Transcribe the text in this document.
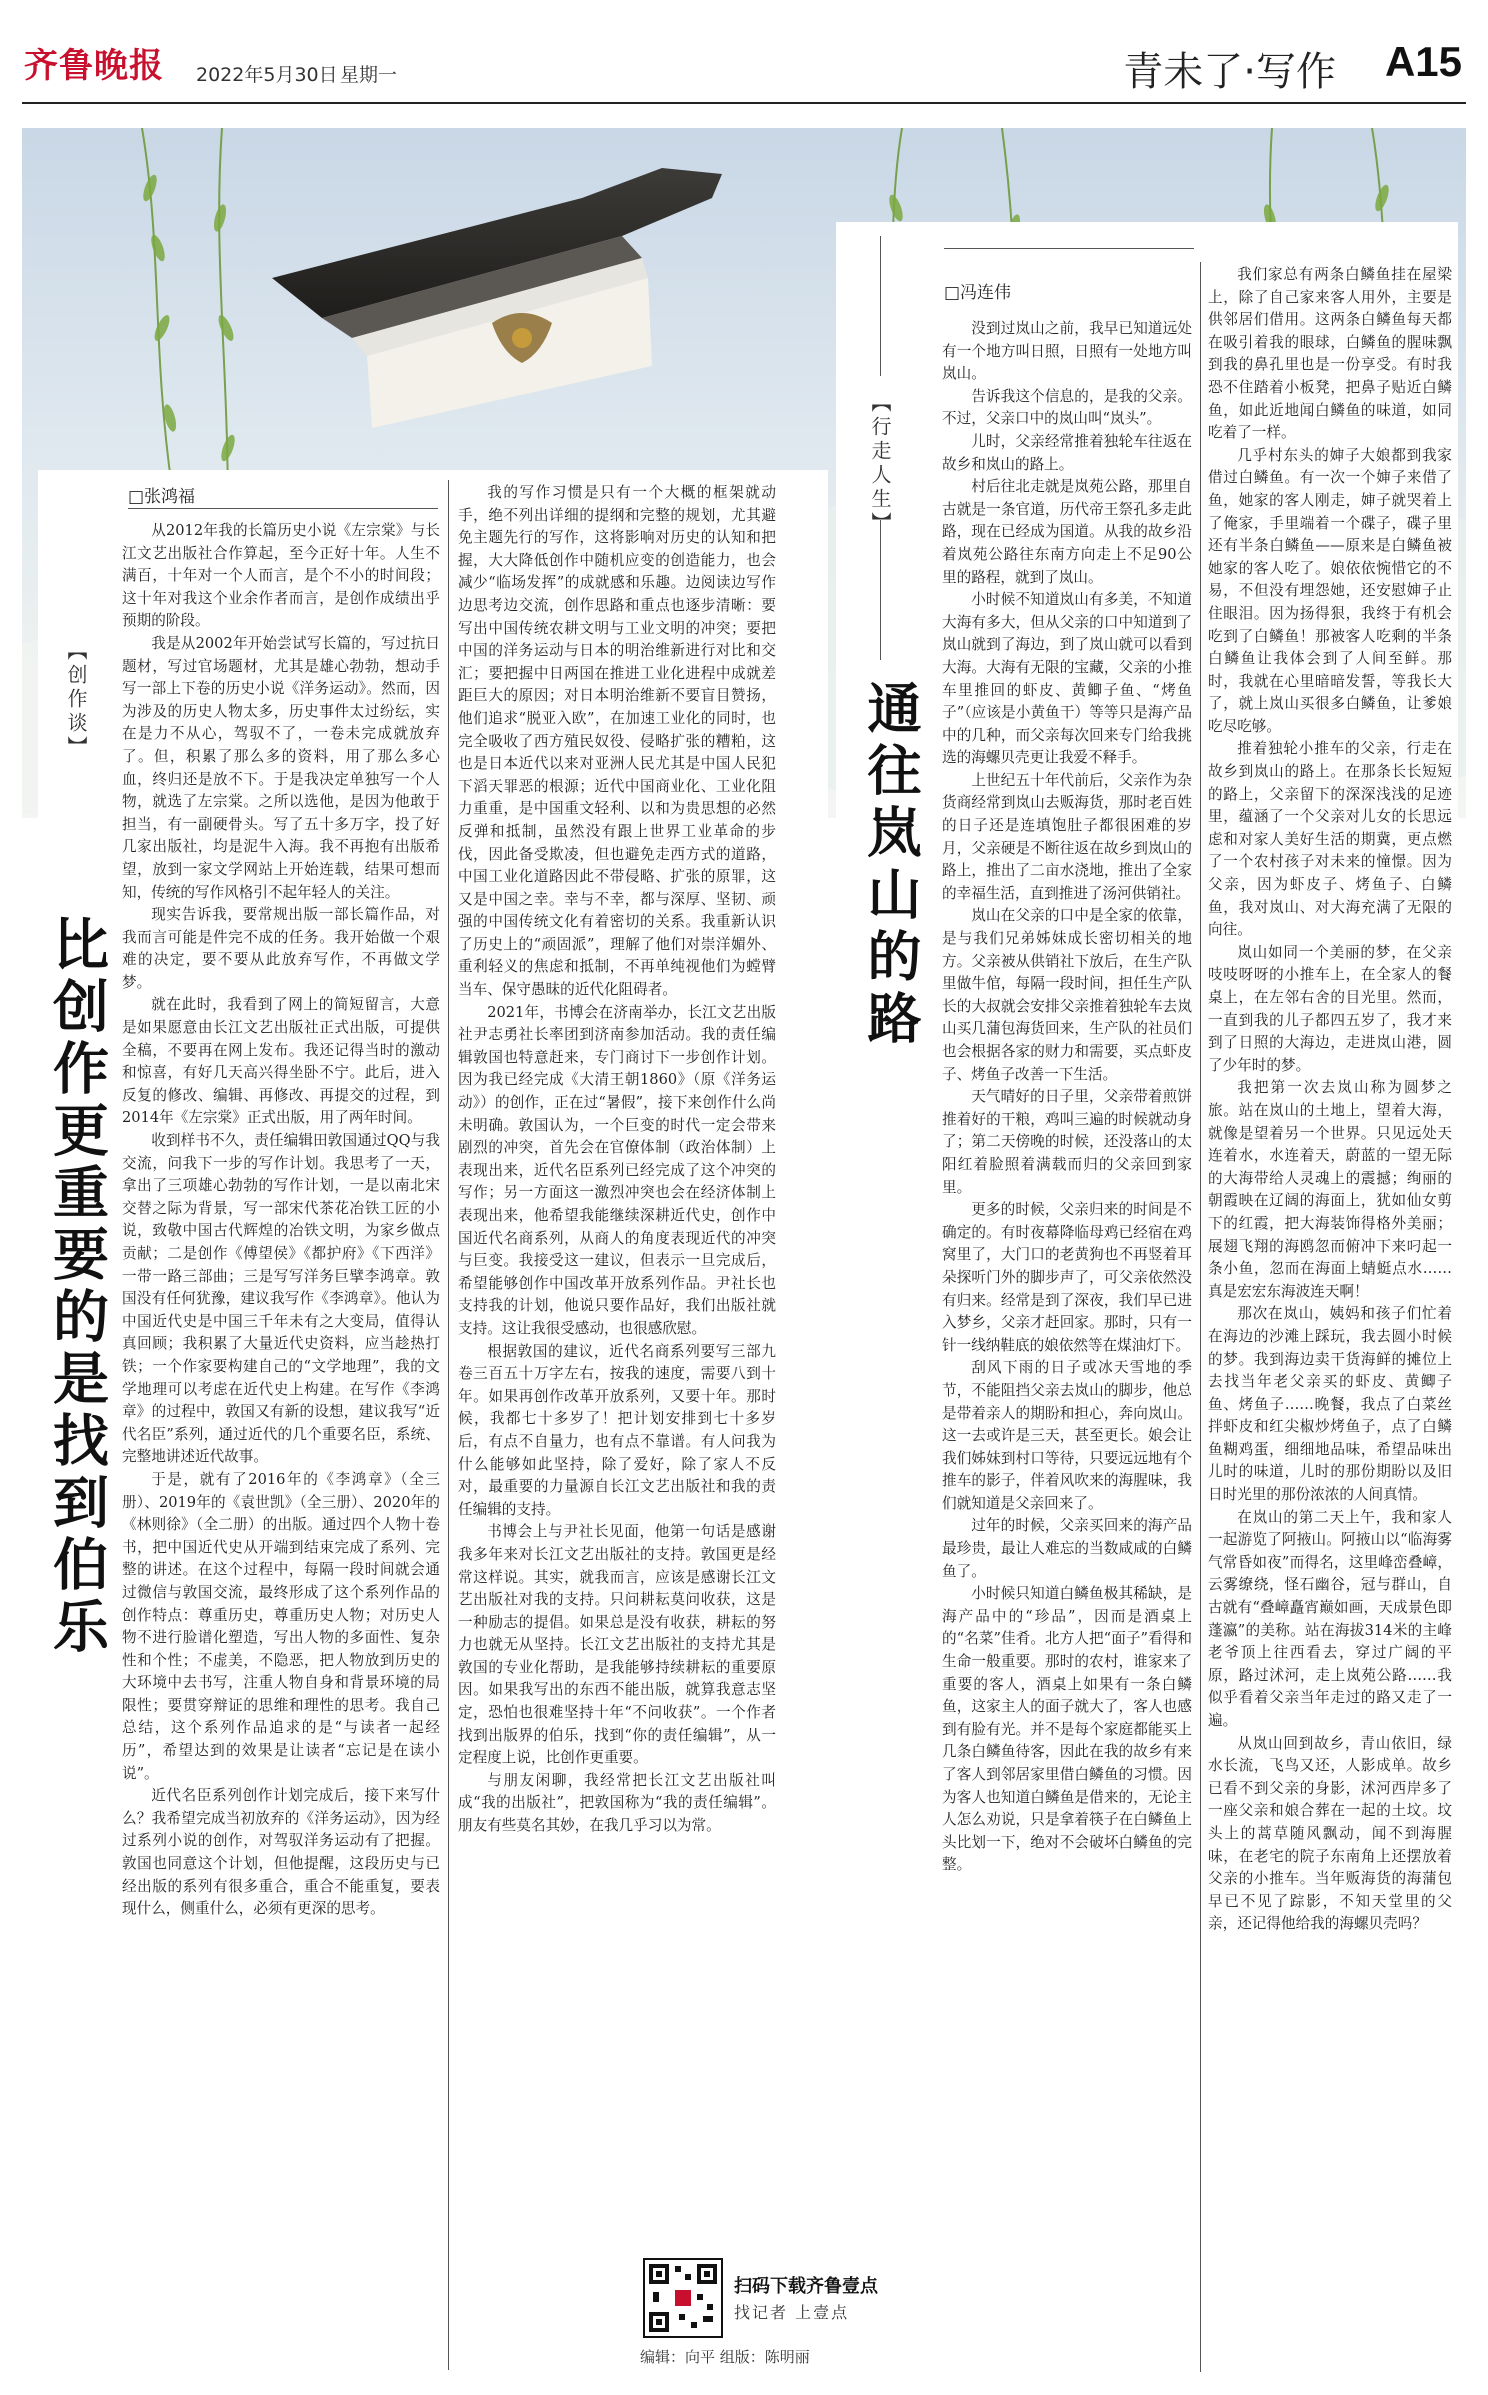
齐鲁晚报	2022年5月30日 星期一	青未了·写作 A15
【创作谈】
比创作更重要的是找到伯乐
□张鸿福

从2012年我的长篇历史小说《左宗棠》与长江文艺出版社合作算起，至今正好十年。人生不满百，十年对一个人而言，是个不小的时间段；这十年对我这个业余作者而言，是创作成绩出乎预期的阶段。

我是从2002年开始尝试写长篇的，写过抗日题材，写过官场题材，尤其是雄心勃勃，想动手写一部上下卷的历史小说《洋务运动》。然而，因为涉及的历史人物太多，历史事件太过纷纭，实在是力不从心，驾驭不了，一卷未完成就放弃了。但，积累了那么多的资料，用了那么多心血，终归还是放不下。于是我决定单独写一个人物，就选了左宗棠。之所以选他，是因为他敢于担当，有一副硬骨头。写了五十多万字，投了好几家出版社，均是泥牛入海。我不再抱有出版希望，放到一家文学网站上开始连载，结果可想而知，传统的写作风格引不起年轻人的关注。

现实告诉我，要常规出版一部长篇作品，对我而言可能是件完不成的任务。我开始做一个艰难的决定，要不要从此放弃写作，不再做文学梦。

就在此时，我看到了网上的简短留言，大意是如果愿意由长江文艺出版社正式出版，可提供全稿，不要再在网上发布。我还记得当时的激动和惊喜，有好几天高兴得坐卧不宁。此后，进入反复的修改、编辑、再修改、再提交的过程，到2014年《左宗棠》正式出版，用了两年时间。

收到样书不久，责任编辑田敦国通过QQ与我交流，问我下一步的写作计划。我思考了一天，拿出了三项雄心勃勃的写作计划，一是以南北宋交替之际为背景，写一部宋代茶花冶铁工匠的小说，致敬中国古代辉煌的冶铁文明，为家乡做点贡献；二是创作《傅望侯》《都护府》《下西洋》一带一路三部曲；三是写写洋务巨擘李鸿章。敦国没有任何犹豫，建议我写作《李鸿章》。他认为中国近代史是中国三千年未有之大变局，值得认真回顾；我积累了大量近代史资料，应当趁热打铁；一个作家要构建自己的“文学地理”，我的文学地理可以考虑在近代史上构建。在写作《李鸿章》的过程中，敦国又有新的设想，建议我写“近代名臣”系列，通过近代的几个重要名臣，系统、完整地讲述近代故事。

于是，就有了2016年的《李鸿章》（全三册）、2019年的《袁世凯》（全三册）、2020年的《林则徐》（全二册）的出版。通过四个人物十卷书，把中国近代史从开端到结束完成了系列、完整的讲述。在这个过程中，每隔一段时间就会通过微信与敦国交流，最终形成了这个系列作品的创作特点：尊重历史，尊重历史人物；对历史人物不进行脸谱化塑造，写出人物的多面性、复杂性和个性；不虚美，不隐恶，把人物放到历史的大环境中去书写，注重人物自身和背景环境的局限性；要贯穿辩证的思维和理性的思考。我自己总结，这个系列作品追求的是“与读者一起经历”，希望达到的效果是让读者“忘记是在读小说”。

近代名臣系列创作计划完成后，接下来写什么？我希望完成当初放弃的《洋务运动》，因为经过系列小说的创作，对驾驭洋务运动有了把握。敦国也同意这个计划，但他提醒，这段历史与已经出版的系列有很多重合，重合不能重复，要表现什么，侧重什么，必须有更深的思考。

我的写作习惯是只有一个大概的框架就动手，绝不列出详细的提纲和完整的规划，尤其避免主题先行的写作，这将影响对历史的认知和把握，大大降低创作中随机应变的创造能力，也会减少“临场发挥”的成就感和乐趣。边阅读边写作边思考边交流，创作思路和重点也逐步清晰：要写出中国传统农耕文明与工业文明的冲突；要把中国的洋务运动与日本的明治维新进行对比和交汇；要把握中日两国在推进工业化进程中成就差距巨大的原因；对日本明治维新不要盲目赞扬，他们追求“脱亚入欧”，在加速工业化的同时，也完全吸收了西方殖民奴役、侵略扩张的糟粕，这也是日本近代以来对亚洲人民尤其是中国人民犯下滔天罪恶的根源；近代中国商业化、工业化阻力重重，是中国重文轻利、以和为贵思想的必然反弹和抵制，虽然没有跟上世界工业革命的步伐，因此备受欺凌，但也避免走西方式的道路，中国工业化道路因此不带侵略、扩张的原罪，这又是中国之幸。幸与不幸，都与深厚、坚韧、顽强的中国传统文化有着密切的关系。我重新认识了历史上的“顽固派”，理解了他们对崇洋媚外、重利轻义的焦虑和抵制，不再单纯视他们为螳臂当车、保守愚昧的近代化阻碍者。

2021年，书博会在济南举办，长江文艺出版社尹志勇社长率团到济南参加活动。我的责任编辑敦国也特意赶来，专门商讨下一步创作计划。因为我已经完成《大清王朝1860》（原《洋务运动》）的创作，正在过“暑假”，接下来创作什么尚未明确。敦国认为，一个巨变的时代一定会带来剧烈的冲突，首先会在官僚体制（政治体制）上表现出来，近代名臣系列已经完成了这个冲突的写作；另一方面这一激烈冲突也会在经济体制上表现出来，他希望我能继续深耕近代史，创作中国近代名商系列，从商人的角度表现近代的冲突与巨变。我接受这一建议，但表示一旦完成后，希望能够创作中国改革开放系列作品。尹社长也支持我的计划，他说只要作品好，我们出版社就支持。这让我很受感动，也很感欣慰。

根据敦国的建议，近代名商系列要写三部九卷三百五十万字左右，按我的速度，需要八到十年。如果再创作改革开放系列，又要十年。那时候，我都七十多岁了！把计划安排到七十多岁后，有点不自量力，也有点不靠谱。有人问我为什么能够如此坚持，除了爱好，除了家人不反对，最重要的力量源自长江文艺出版社和我的责任编辑的支持。

书博会上与尹社长见面，他第一句话是感谢我多年来对长江文艺出版社的支持。敦国更是经常这样说。其实，就我而言，应该是感谢长江文艺出版社对我的支持。只问耕耘莫问收获，这是一种励志的提倡。如果总是没有收获，耕耘的努力也就无从坚持。长江文艺出版社的支持尤其是敦国的专业化帮助，是我能够持续耕耘的重要原因。如果我写出的东西不能出版，就算我意志坚定，恐怕也很难坚持十年“不问收获”。一个作者找到出版界的伯乐，找到“你的责任编辑”，从一定程度上说，比创作更重要。

与朋友闲聊，我经常把长江文艺出版社叫成“我的出版社”，把敦国称为“我的责任编辑”。朋友有些莫名其妙，在我几乎习以为常。

【行走人生】
通往岚山的路
□冯连伟

没到过岚山之前，我早已知道远处有一个地方叫日照，日照有一处地方叫岚山。

告诉我这个信息的，是我的父亲。不过，父亲口中的岚山叫“岚头”。

儿时，父亲经常推着独轮车往返在故乡和岚山的路上。

村后往北走就是岚苑公路，那里自古就是一条官道，历代帝王祭孔多走此路，现在已经成为国道。从我的故乡沿着岚苑公路往东南方向走上不足90公里的路程，就到了岚山。

小时候不知道岚山有多美，不知道大海有多大，但从父亲的口中知道到了岚山就到了海边，到了岚山就可以看到大海。大海有无限的宝藏，父亲的小推车里推回的虾皮、黄鲫子鱼、“烤鱼子”（应该是小黄鱼干）等等只是海产品中的几种，而父亲每次回来专门给我挑选的海螺贝壳更让我爱不释手。

上世纪五十年代前后，父亲作为杂货商经常到岚山去贩海货，那时老百姓的日子还是连填饱肚子都很困难的岁月，父亲硬是不断往返在故乡到岚山的路上，推出了二亩水浇地，推出了全家的幸福生活，直到推进了汤河供销社。

岚山在父亲的口中是全家的依靠，是与我们兄弟姊妹成长密切相关的地方。父亲被从供销社下放后，在生产队里做牛倌，每隔一段时间，担任生产队长的大叔就会安排父亲推着独轮车去岚山买几蒲包海货回来，生产队的社员们也会根据各家的财力和需要，买点虾皮子、烤鱼子改善一下生活。

天气晴好的日子里，父亲带着煎饼推着好的干粮，鸡叫三遍的时候就动身了；第二天傍晚的时候，还没落山的太阳红着脸照着满载而归的父亲回到家里。

更多的时候，父亲归来的时间是不确定的。有时夜幕降临母鸡已经宿在鸡窝里了，大门口的老黄狗也不再竖着耳朵探听门外的脚步声了，可父亲依然没有归来。经常是到了深夜，我们早已进入梦乡，父亲才赶回家。那时，只有一针一线纳鞋底的娘依然等在煤油灯下。

刮风下雨的日子或冰天雪地的季节，不能阻挡父亲去岚山的脚步，他总是带着亲人的期盼和担心，奔向岚山。这一去或许是三天，甚至更长。娘会让我们姊妹到村口等待，只要远远地有个推车的影子，伴着风吹来的海腥味，我们就知道是父亲回来了。

过年的时候，父亲买回来的海产品最珍贵，最让人难忘的当数咸咸的白鳞鱼了。

小时候只知道白鳞鱼极其稀缺，是海产品中的“珍品”，因而是酒桌上的“名菜”佳肴。北方人把“面子”看得和生命一般重要。那时的农村，谁家来了重要的客人，酒桌上如果有一条白鳞鱼，这家主人的面子就大了，客人也感到有脸有光。并不是每个家庭都能买上几条白鳞鱼待客，因此在我的故乡有来了客人到邻居家里借白鳞鱼的习惯。因为客人也知道白鳞鱼是借来的，无论主人怎么劝说，只是拿着筷子在白鳞鱼上头比划一下，绝对不会破坏白鳞鱼的完整。

我们家总有两条白鳞鱼挂在屋梁上，除了自己家来客人用外，主要是供邻居们借用。这两条白鳞鱼每天都在吸引着我的眼球，白鳞鱼的腥味飘到我的鼻孔里也是一份享受。有时我恐不住踏着小板凳，把鼻子贴近白鳞鱼，如此近地闻白鳞鱼的味道，如同吃着了一样。

几乎村东头的婶子大娘都到我家借过白鳞鱼。有一次一个婶子来借了鱼，她家的客人刚走，婶子就哭着上了俺家，手里端着一个碟子，碟子里还有半条白鳞鱼——原来是白鳞鱼被她家的客人吃了。娘依依惋惜它的不易，不但没有埋怨她，还安慰婶子止住眼泪。因为扬得狠，我终于有机会吃到了白鳞鱼！那被客人吃剩的半条白鳞鱼让我体会到了人间至鲜。那时，我就在心里暗暗发誓，等我长大了，就上岚山买很多白鳞鱼，让爹娘吃尽吃够。

推着独轮小推车的父亲，行走在故乡到岚山的路上。在那条长长短短的路上，父亲留下的深深浅浅的足迹里，蕴涵了一个父亲对儿女的长思远虑和对家人美好生活的期冀，更点燃了一个农村孩子对未来的憧憬。因为父亲，因为虾皮子、烤鱼子、白鳞鱼，我对岚山、对大海充满了无限的向往。

岚山如同一个美丽的梦，在父亲吱吱呀呀的小推车上，在全家人的餐桌上，在左邻右舍的目光里。然而，一直到我的儿子都四五岁了，我才来到了日照的大海边，走进岚山港，圆了少年时的梦。

我把第一次去岚山称为圆梦之旅。站在岚山的土地上，望着大海，就像是望着另一个世界。只见远处天连着水，水连着天，蔚蓝的一望无际的大海带给人灵魂上的震撼；绚丽的朝霞映在辽阔的海面上，犹如仙女剪下的红霞，把大海装饰得格外美丽；展翅飞翔的海鸥忽而俯冲下来叼起一条小鱼，忽而在海面上蜻蜓点水……真是宏宏东海波连天啊！

那次在岚山，姨妈和孩子们忙着在海边的沙滩上踩玩，我去圆小时候的梦。我到海边卖干货海鲜的摊位上去找当年老父亲买的虾皮、黄鲫子鱼、烤鱼子……晚餐，我点了白菜丝拌虾皮和红尖椒炒烤鱼子，点了白鳞鱼糊鸡蛋，细细地品味，希望品味出儿时的味道，儿时的那份期盼以及旧日时光里的那份浓浓的人间真情。

在岚山的第二天上午，我和家人一起游览了阿掖山。阿掖山以“临海雾气常昏如夜”而得名，这里峰峦叠嶂，云雾缭绕，怪石幽谷，冠与群山，自古就有“叠嶂矗宵巅如画，天成景色即蓬瀛”的美称。站在海拔314米的主峰老爷顶上往西看去，穿过广阔的平原，路过沭河，走上岚苑公路……我似乎看着父亲当年走过的路又走了一遍。

从岚山回到故乡，青山依旧，绿水长流，飞鸟又还，人影成单。故乡已看不到父亲的身影，沭河西岸多了一座父亲和娘合葬在一起的土坟。坟头上的蒿草随风飘动，闻不到海腥味，在老宅的院子东南角上还摆放着父亲的小推车。当年贩海货的海蒲包早已不见了踪影，不知天堂里的父亲，还记得他给我的海螺贝壳吗？

扫码下载齐鲁壹点
找记者 上壹点
编辑：向平 组版：陈明丽
